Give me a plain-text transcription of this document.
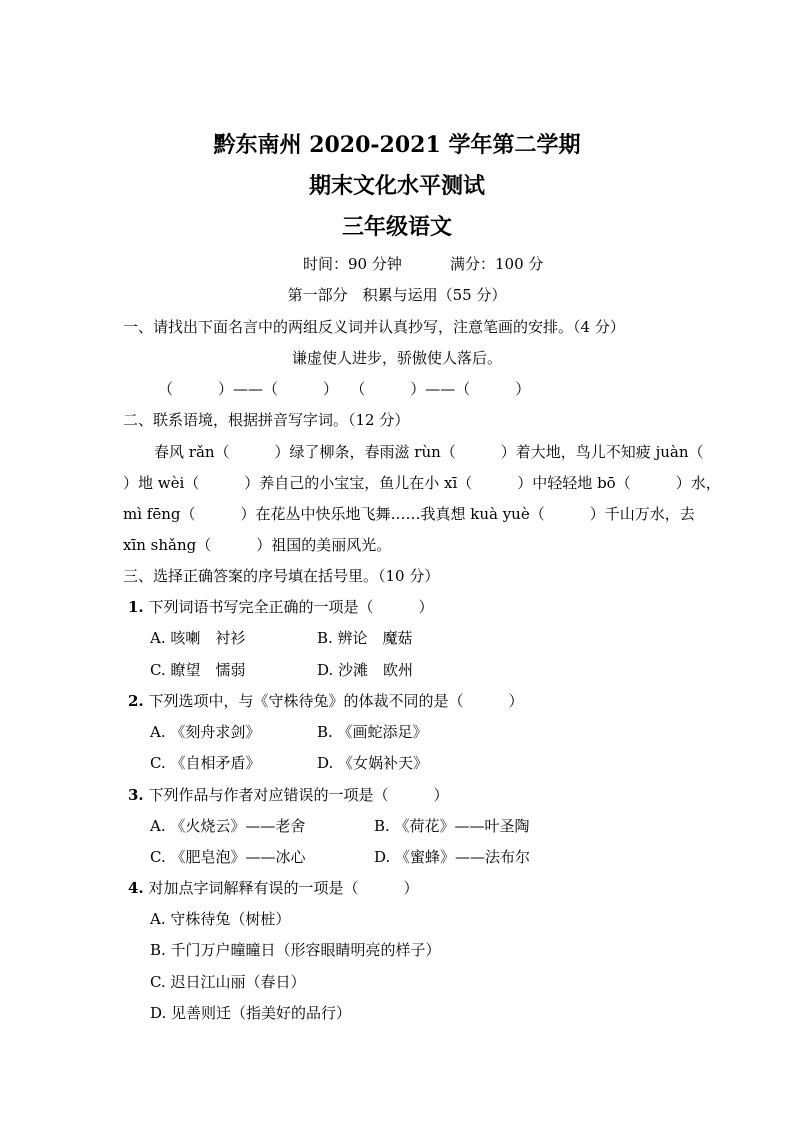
黔东南州 2020-2021 学年第二学期
期末文化水平测试
三年级语文
时间：90 分钟	满分：100 分
第一部分　积累与运用（55 分）
一、请找出下面名言中的两组反义词并认真抄写，注意笔画的安排。（4 分）
谦虚使人进步，骄傲使人落后。
（　　　）——（　　　）　 （　　　）——（　　　）
二、联系语境，根据拼音写字词。（12 分）
春风 rǎn（　　　）绿了柳条，春雨滋 rùn（　　　）着大地，鸟儿不知疲 juàn（
）地 wèi（　　　）养自己的小宝宝，鱼儿在小 xī（　　　）中轻轻地 bō（　　　）水，
mì fēng（　　　）在花丛中快乐地飞舞……我真想 kuà yuè（　　　）千山万水，去
xīn shǎng（　　　）祖国的美丽风光。
三、选择正确答案的序号填在括号里。（10 分）
1. 下列词语书写完全正确的一项是（　　　）
A. 咳喇　衬衫	B. 辨论　魔菇
C. 瞭望　懦弱	D. 沙滩　欧州
2. 下列选项中，与《守株待兔》的体裁不同的是（　　　）
A. 《刻舟求剑》	B. 《画蛇添足》
C. 《自相矛盾》	D. 《女娲补天》
3. 下列作品与作者对应错误的一项是（　　　）
A. 《火烧云》——老舍	B. 《荷花》——叶圣陶
C. 《肥皂泡》——冰心	D. 《蜜蜂》——法布尔
4. 对加点字词解释有误的一项是（　　　）
A. 守株待兔（树桩）
B. 千门万户曈曈日（形容眼睛明亮的样子）
C. 迟日江山丽（春日）
D. 见善则迁（指美好的品行）
